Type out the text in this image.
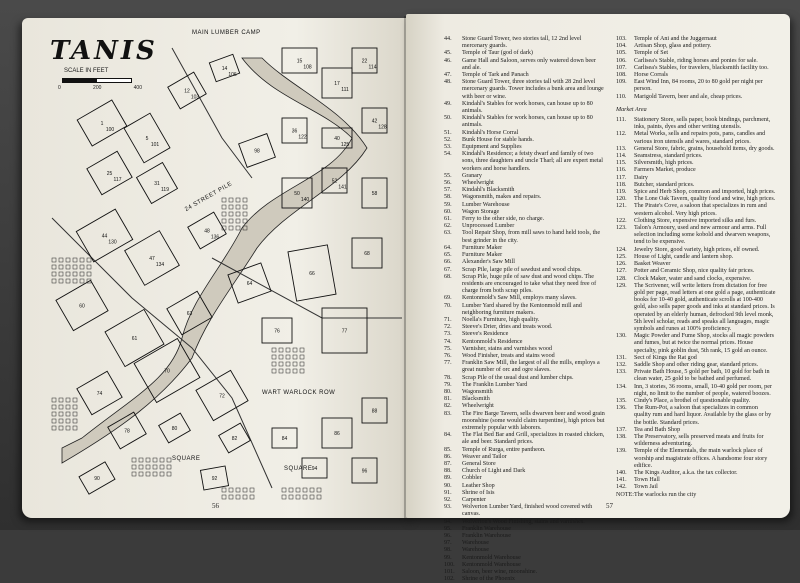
1
5
12
14
15
17
22
25
31
36
40
42
44
47
48
50
52
58
60
61
63
64
66
68
70
72
74
76	77
78	80
82	84
86
88
90	92
94	96
98
100
101
103
106
108
111
114
117
119
122
125
128
130
134
136
140
141
TANIS
SCALE IN FEET
0	200	400
MAIN LUMBER CAMP
24 STREET PILE
WART WARLOCK ROW
SQUARE
SQUARE
56
44.	Stone Guard Tower, two stories tall, 12 2nd level mercenary guards.
45.	Temple of Taur (god of dark)
46.	Game Hall and Saloon, serves only watered down beer and ale.
47.	Temple of Tark and Panach
48.	Stone Guard Tower, three stories tall with 28 2nd level mercenary guards. Tower includes a bunk area and lounge with beer or wine.
49.	Kindahl's Stables for work horses, can house up to 80 animals.
50.	Kindahl's Stables for work horses, can house up to 80 animals.
51.	Kindahl's Horse Corral
52.	Bunk House for stable hands.
53.	Equipment and Supplies
54.	Kindahl's Residence; a feisty dwarf and family of two sons, three daughters and uncle Tharl; all are expert metal workers and horse handlers.
55.	Granary
56.	Wheelwright
57.	Kindahl's Blacksmith
58.	Wagonsmith, makes and repairs.
59.	Lumber Warehouse
60.	Wagon Storage
61.	Ferry to the other side, no charge.
62.	Unprocessed Lumber
63.	Tool Repair Shop, from mill saws to hand held tools, the best grinder in the city.
64.	Furniture Maker
65.	Furniture Maker
66.	Alexander's Saw Mill
67.	Scrap Pile, large pile of sawdust and wood chips.
68.	Scrap Pile, huge pile of saw dust and wood chips. The residents are encouraged to take what they need free of charge from both scrap piles.
69.	Kentonmold's Saw Mill, employs many slaves.
70.	Lumber Yard shared by the Kentonmold mill and neighboring furniture makers.
71.	Noella's Furniture, high quality.
72.	Steeve's Drier, dries and treats wood.
73.	Steeve's Residence
74.	Kentonmold's Residence
75.	Varnisher, stains and varnishes wood
76.	Wood Finisher, treats and stains wood
77.	Franklin Saw Mill, the largest of all the mills, employs a great number of orc and ogre slaves.
78.	Scrap Pile of the usual dust and lumber chips.
79.	The Franklin Lumber Yard
80.	Wagonsmith
81.	Blacksmith
82.	Wheelwright
83.	The Fire Barge Tavern, sells dwarven beer and wood grain moonshine (some would claim turpentine), high prices but extremely popular with laborers.
84.	The Flat Bed Bar and Grill, specializes in roasted chicken, ale and beer. Standard prices.
85.	Temple of Rurga, entire pantheon.
86.	Weaver and Tailor
87.	General Store
88.	Church of Light and Dark
89.	Cobbler
90.	Leather Shop
91.	Shrine of Isis
92.	Carpenter
93.	Wolverton Lumber Yard, finished wood covered with canvas.
94.	Wolverton's Wood Finishing, stains and varnishes.
95.	Franklin Warehouse
96.	Franklin Warehouse
97.	Warehouse
98.	Warehouse
99.	Kentonmold Warehouse
100.	Kentonmold Warehouse
101.	Saloon, beer wine, moonshine.
102.	Shrine of the Phoenix
103.	Temple of Ani and the Juggernaut
104.	Artisan Shop, glass and pottery.
105.	Temple of Set
106.	Carlisea's Stable, riding horses and ponies for sale.
107.	Carlisea's Stables, for travelers, blacksmith facility too.
108.	Horse Corrals
109.	East Wind Inn, 84 rooms, 20 to 80 gold per night per person.
110.	Marigold Tavern, beer and ale, cheap prices.
Market Area
111.	Stationery Store, sells paper, book bindings, parchment, inks, paints, dyes and other writing utensils.
112.	Metal Works, sells and repairs pots, pans, candles and various iron utensils and wares, standard prices.
113.	General Store, fabric, grains, household items, dry goods.
114.	Seamstress, standard prices.
115.	Silversmith, high prices.
116.	Farmers Market, produce
117.	Dairy
118.	Butcher, standard prices.
119.	Spice and Herb Shop, common and imported, high prices.
120.	The Lone Oak Tavern, quality food and wine, high prices.
121.	The Pirate's Cove, a saloon that specializes in rum and western alcohol. Very high prices.
122.	Clothing Store, expensive imported silks and furs.
123.	Talon's Armoury, used and new armour and arms. Full selection including some kobold and dwarven weapons, tend to be expensive.
124.	Jewelry Store, good variety, high prices, elf owned.
125.	House of Light, candle and lantern shop.
126.	Basket Weaver
127.	Potter and Ceramic Shop, nice quality fair prices.
128.	Clock Maker, water and sand clocks, expensive.
129.	The Scrivener, will write letters from dictation for free gold per page, read letters at one gold a page, authenticate books for 10-40 gold, authenticate scrolls at 100-400 gold, also sells paper goods and inks at standard prices. Is operated by an elderly human, defrocked 9th level monk, 5th level scholar, reads and speaks all languages, magic symbols and runes at 100% proficiency.
130.	Magic Powder and Fume Shop, stocks all magic powders and fumes, but at twice the normal prices. House specialty, pink goblin dust, 5th rank, 15 gold an ounce.
131.	Sect of Kings the Rat god
132.	Saddle Shop and other riding gear, standard prices.
133.	Private Bath House, 5 gold per bath, 10 gold for bath in clean water, 25 gold to be bathed and perfumed.
134.	Inn, 3 stories, 36 rooms, small, 10-40 gold per room, per night, no limit to the number of people, watered boozes.
135.	Cindy's Place, a brothel of questionable quality.
136.	The Rum-Pot, a saloon that specializes in common quality rum and hard liquor. Available by the glass or by the bottle. Standard prices.
137.	Tea and Bath Shop
138.	The Preservatory, sells preserved meats and fruits for wilderness adventuring.
139.	Temple of the Elementals, the main warlock place of worship and magistrate offices. A handsome four story edifice.
140.	The Kings Auditor, a.k.a. the tax collector.
141.	Town Hall
142.	Town Jail
NOTE: The warlocks run the city
57
